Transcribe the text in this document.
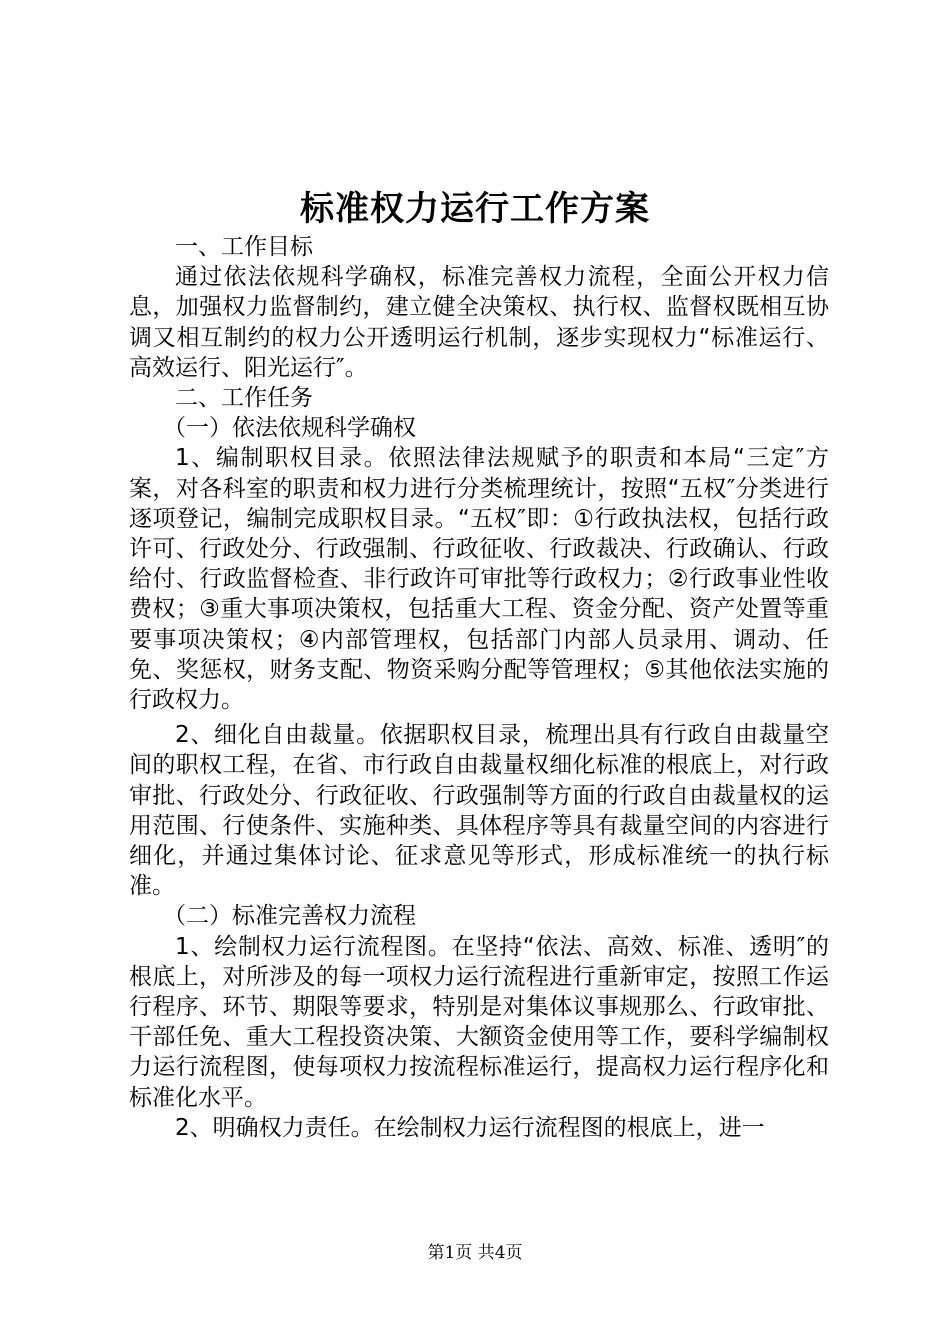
标准权力运行工作方案

一、工作目标

通过依法依规科学确权，标准完善权力流程，全面公开权力信息，加强权力监督制约，建立健全决策权、执行权、监督权既相互协调又相互制约的权力公开透明运行机制，逐步实现权力“标准运行、高效运行、阳光运行″。

二、工作任务

（一）依法依规科学确权

1、编制职权目录。依照法律法规赋予的职责和本局“三定″方案，对各科室的职责和权力进行分类梳理统计，按照“五权″分类进行逐项登记，编制完成职权目录。“五权″即：①行政执法权，包括行政许可、行政处分、行政强制、行政征收、行政裁决、行政确认、行政给付、行政监督检查、非行政许可审批等行政权力；②行政事业性收费权；③重大事项决策权，包括重大工程、资金分配、资产处置等重要事项决策权；④内部管理权，包括部门内部人员录用、调动、任免、奖惩权，财务支配、物资采购分配等管理权；⑤其他依法实施的行政权力。

2、细化自由裁量。依据职权目录，梳理出具有行政自由裁量空间的职权工程，在省、市行政自由裁量权细化标准的根底上，对行政审批、行政处分、行政征收、行政强制等方面的行政自由裁量权的运用范围、行使条件、实施种类、具体程序等具有裁量空间的内容进行细化，并通过集体讨论、征求意见等形式，形成标准统一的执行标准。

（二）标准完善权力流程

1、绘制权力运行流程图。在坚持“依法、高效、标准、透明″的根底上，对所涉及的每一项权力运行流程进行重新审定，按照工作运行程序、环节、期限等要求，特别是对集体议事规那么、行政审批、干部任免、重大工程投资决策、大额资金使用等工作，要科学编制权力运行流程图，使每项权力按流程标准运行，提高权力运行程序化和标准化水平。

2、明确权力责任。在绘制权力运行流程图的根底上，进一

第1页 共4页
